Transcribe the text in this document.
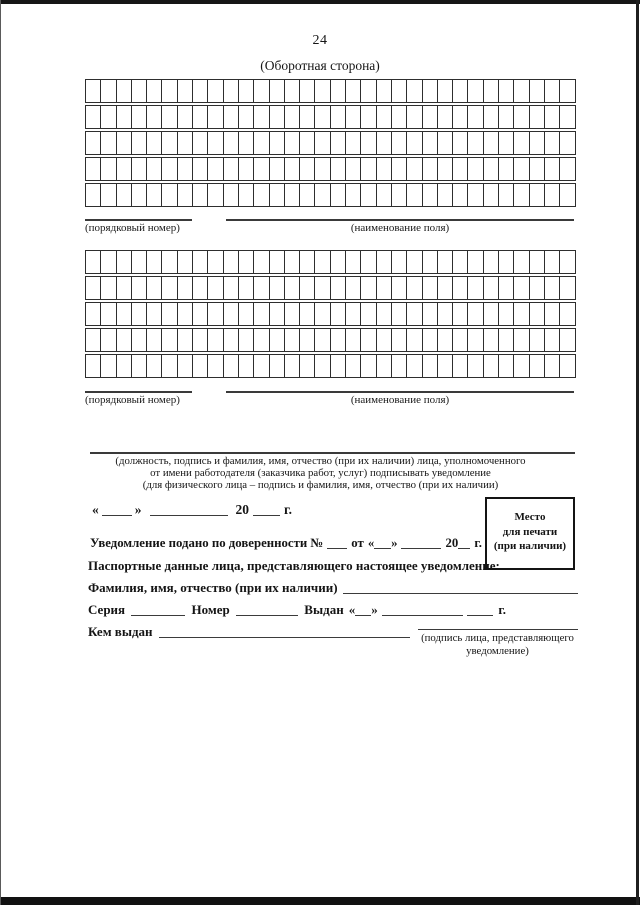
24
(Оборотная сторона)
(порядковый номер)	(наименование поля)
(порядковый номер)	(наименование поля)
(должность, подпись и фамилия, имя, отчество (при их наличии) лица, уполномоченного
от имени работодателя (заказчика работ, услуг) подписывать уведомление
(для физического лица – подпись и фамилия, имя, отчество (при их наличии)
«	»	20	г.	Место
для печати
(при наличии)
Уведомление подано по доверенности № от « »	20 г.
Паспортные данные лица, представляющего настоящее уведомление:
Фамилия, имя, отчество (при их наличии)
Серия	Номер	Выдан « »	г.
Кем выдан	(подпись лица, представляющего
уведомление)
